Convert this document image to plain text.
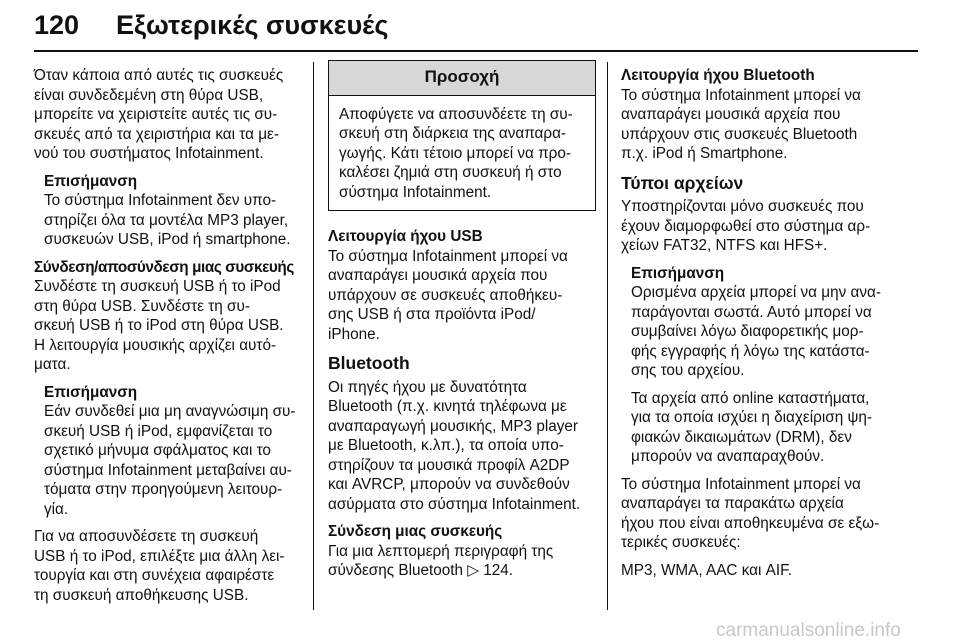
120 Εξωτερικές συσκευές

Όταν κάποια από αυτές τις συσκευές
είναι συνδεδεμένη στη θύρα USB,
μπορείτε να χειριστείτε αυτές τις συ-
σκευές από τα χειριστήρια και τα με-
νού του συστήματος Infotainment.

Επισήμανση

Το σύστημα Infotainment δεν υπο-
στηρίζει όλα τα μοντέλα MP3 player,
συσκευών USB, iPod ή smartphone.

Σύνδεση/αποσύνδεση μιας συσκευής

Συνδέστε τη συσκευή USB ή το iPod
στη θύρα USB. Συνδέστε τη συ-
σκευή USB ή το iPod στη θύρα USB.
Η λειτουργία μουσικής αρχίζει αυτό-
ματα.

Επισήμανση

Εάν συνδεθεί μια μη αναγνώσιμη συ-
σκευή USB ή iPod, εμφανίζεται το
σχετικό μήνυμα σφάλματος και το
σύστημα Infotainment μεταβαίνει αυ-
τόματα στην προηγούμενη λειτουρ-
γία.

Για να αποσυνδέσετε τη συσκευή
USB ή το iPod, επιλέξτε μια άλλη λει-
τουργία και στη συνέχεια αφαιρέστε
τη συσκευή αποθήκευσης USB.

Προσοχή
Αποφύγετε να αποσυνδέετε τη συ-
σκευή στη διάρκεια της αναπαρα-
γωγής. Κάτι τέτοιο μπορεί να προ-
καλέσει ζημιά στη συσκευή ή στο
σύστημα Infotainment.
Λειτουργία ήχου USB

Το σύστημα Infotainment μπορεί να
αναπαράγει μουσικά αρχεία που
υπάρχουν σε συσκευές αποθήκευ-
σης USB ή στα προϊόντα iPod/
iPhone.

Bluetooth

Οι πηγές ήχου με δυνατότητα
Bluetooth (π.χ. κινητά τηλέφωνα με
αναπαραγωγή μουσικής, MP3 player
με Bluetooth, κ.λπ.), τα οποία υπο-
στηρίζουν τα μουσικά προφίλ A2DP
και AVRCP, μπορούν να συνδεθούν
ασύρματα στο σύστημα Infotainment.

Σύνδεση μιας συσκευής

Για μια λεπτομερή περιγραφή της
σύνδεσης Bluetooth ▷ 124.

Λειτουργία ήχου Bluetooth

Το σύστημα Infotainment μπορεί να
αναπαράγει μουσικά αρχεία που
υπάρχουν στις συσκευές Bluetooth
π.χ. iPod ή Smartphone.

Τύποι αρχείων

Υποστηρίζονται μόνο συσκευές που
έχουν διαμορφωθεί στο σύστημα αρ-
χείων FAT32, NTFS και HFS+.

Επισήμανση

Ορισμένα αρχεία μπορεί να μην ανα-
παράγονται σωστά. Αυτό μπορεί να
συμβαίνει λόγω διαφορετικής μορ-
φής εγγραφής ή λόγω της κατάστα-
σης του αρχείου.

Τα αρχεία από online καταστήματα,
για τα οποία ισχύει η διαχείριση ψη-
φιακών δικαιωμάτων (DRM), δεν
μπορούν να αναπαραχθούν.

Το σύστημα Infotainment μπορεί να
αναπαράγει τα παρακάτω αρχεία
ήχου που είναι αποθηκευμένα σε εξω-
τερικές συσκευές:

MP3, WMA, AAC και AIF.

carmanualsonline.info
